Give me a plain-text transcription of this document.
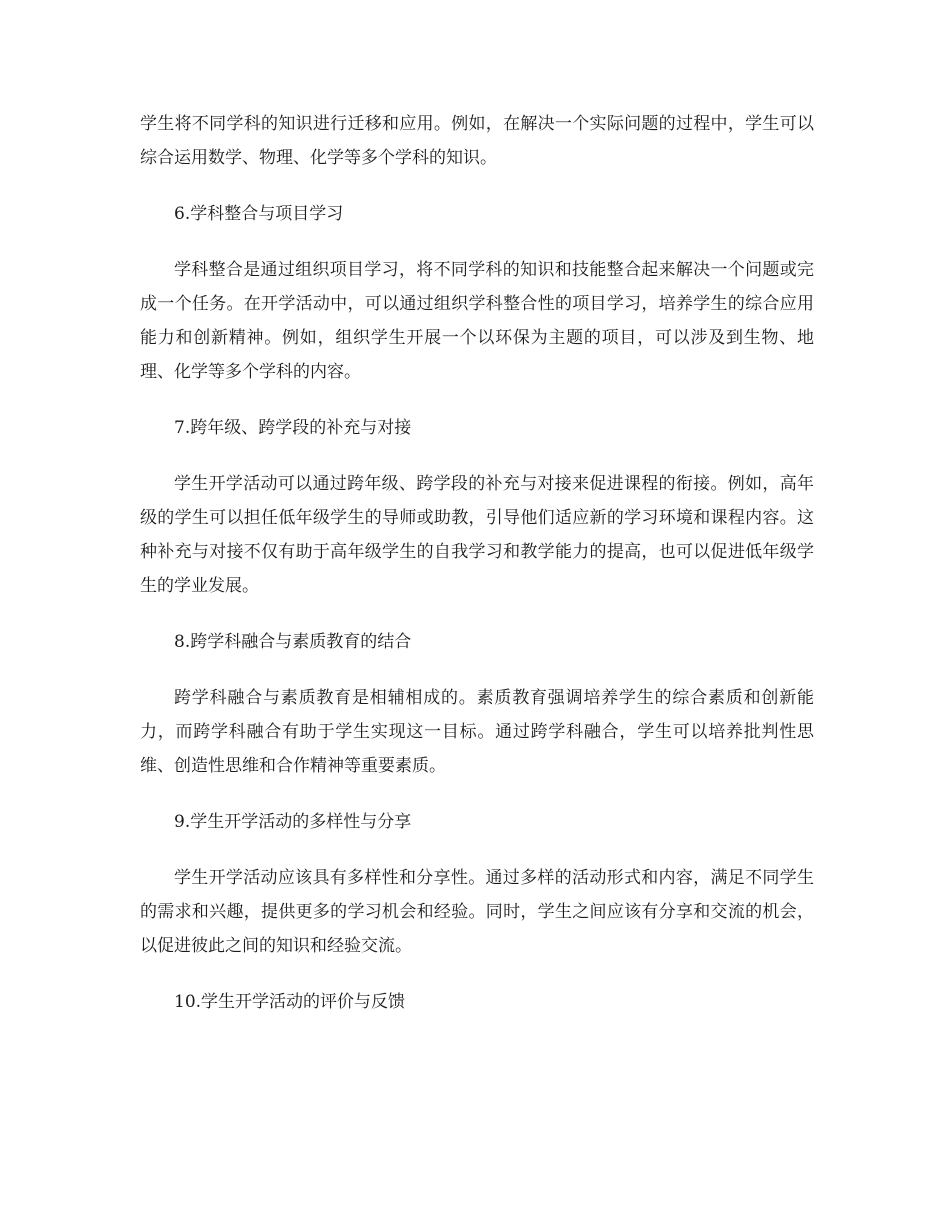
学生将不同学科的知识进行迁移和应用。例如，在解决一个实际问题的过程中，学生可以综合运用数学、物理、化学等多个学科的知识。

6.学科整合与项目学习

学科整合是通过组织项目学习，将不同学科的知识和技能整合起来解决一个问题或完成一个任务。在开学活动中，可以通过组织学科整合性的项目学习，培养学生的综合应用能力和创新精神。例如，组织学生开展一个以环保为主题的项目，可以涉及到生物、地理、化学等多个学科的内容。

7.跨年级、跨学段的补充与对接

学生开学活动可以通过跨年级、跨学段的补充与对接来促进课程的衔接。例如，高年级的学生可以担任低年级学生的导师或助教，引导他们适应新的学习环境和课程内容。这种补充与对接不仅有助于高年级学生的自我学习和教学能力的提高，也可以促进低年级学生的学业发展。

8.跨学科融合与素质教育的结合

跨学科融合与素质教育是相辅相成的。素质教育强调培养学生的综合素质和创新能力，而跨学科融合有助于学生实现这一目标。通过跨学科融合，学生可以培养批判性思维、创造性思维和合作精神等重要素质。

9.学生开学活动的多样性与分享

学生开学活动应该具有多样性和分享性。通过多样的活动形式和内容，满足不同学生的需求和兴趣，提供更多的学习机会和经验。同时，学生之间应该有分享和交流的机会，以促进彼此之间的知识和经验交流。

10.学生开学活动的评价与反馈
